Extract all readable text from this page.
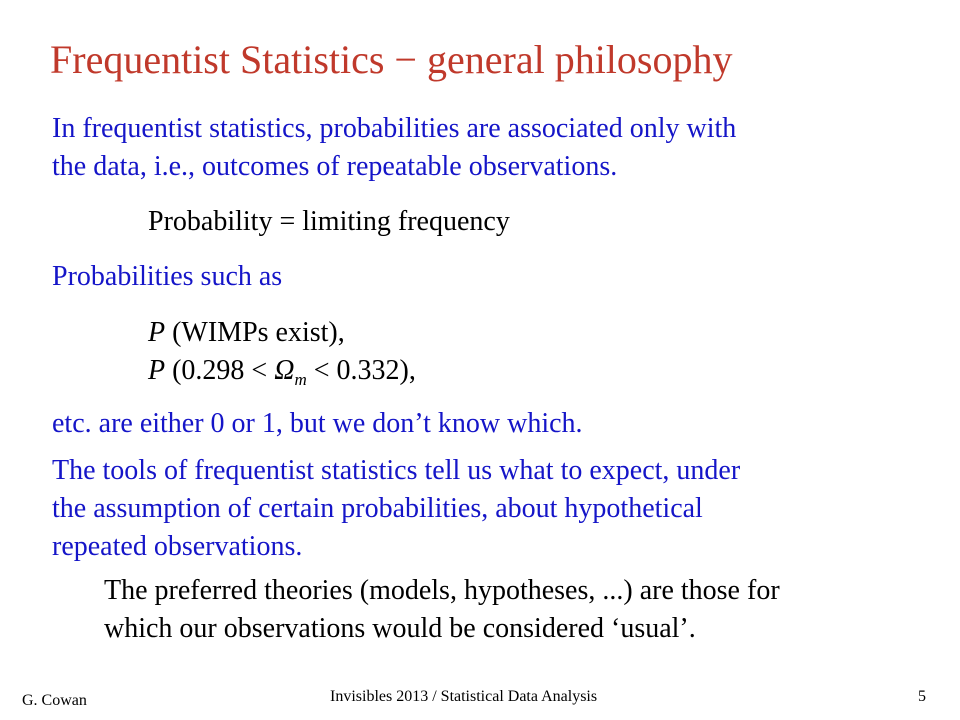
Frequentist Statistics − general philosophy
In frequentist statistics, probabilities are associated only with
the data, i.e., outcomes of repeatable observations.
Probability = limiting frequency
Probabilities such as
P (WIMPs exist),
P $(0.298 < \Omega_m < 0.332)$,
etc. are either 0 or 1, but we don’t know which.
The tools of frequentist statistics tell us what to expect, under
the assumption of certain probabilities, about hypothetical
repeated observations.
The preferred theories (models, hypotheses, ...) are those for
which our observations would be considered ‘usual’.
G. Cowan	Invisibles 2013 / Statistical Data Analysis	5
